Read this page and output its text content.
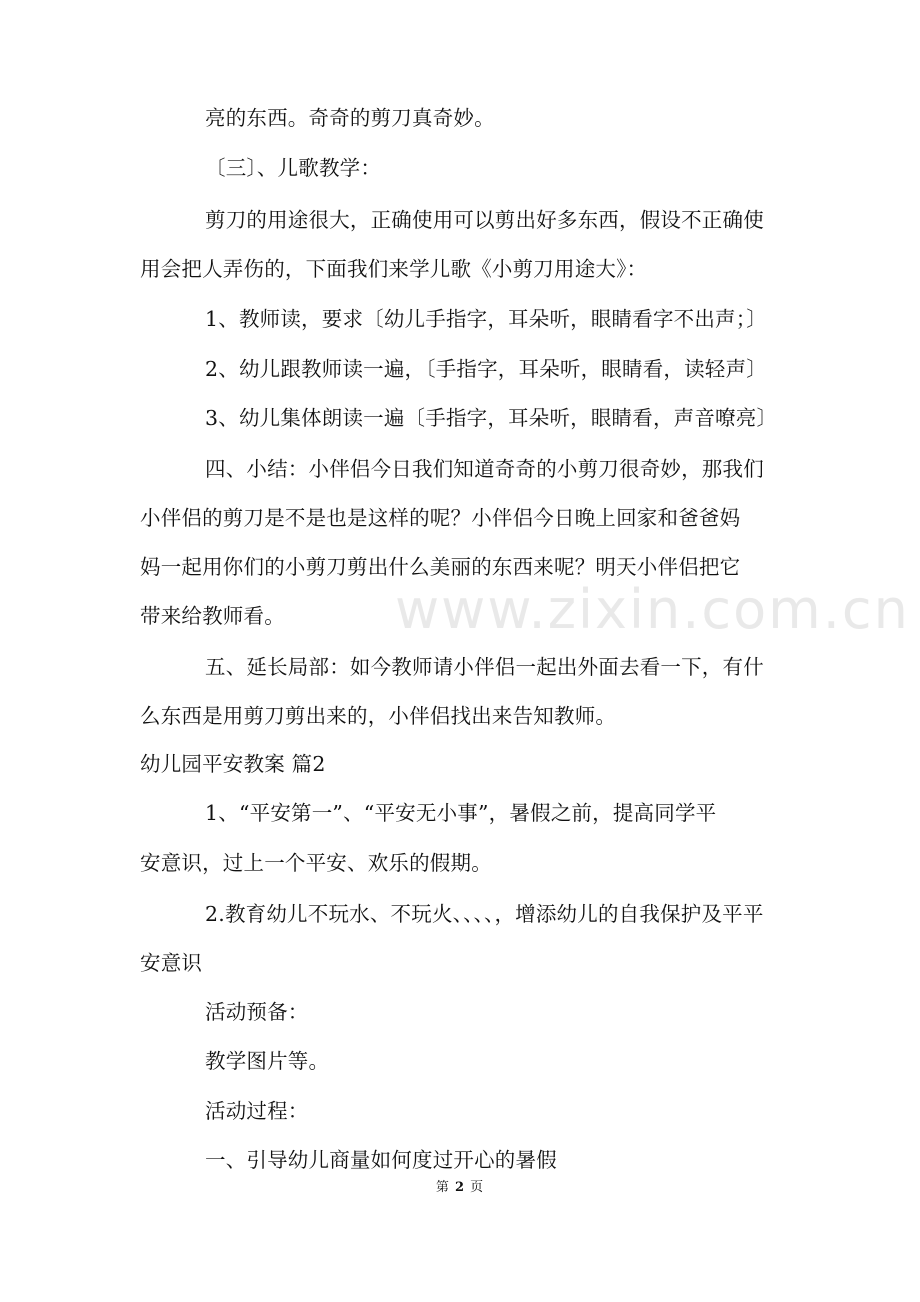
www.zixin.com.cn
亮的东西。奇奇的剪刀真奇妙。
〔三〕、儿歌教学：
剪刀的用途很大，正确使用可以剪出好多东西，假设不正确使
用会把人弄伤的，下面我们来学儿歌《小剪刀用途大》：
1、教师读，要求〔幼儿手指字，耳朵听，眼睛看字不出声；〕
2、幼儿跟教师读一遍，〔手指字，耳朵听，眼睛看，读轻声〕
3、幼儿集体朗读一遍〔手指字，耳朵听，眼睛看，声音嘹亮〕
四、小结：小伴侣今日我们知道奇奇的小剪刀很奇妙，那我们
小伴侣的剪刀是不是也是这样的呢？小伴侣今日晚上回家和爸爸妈
妈一起用你们的小剪刀剪出什么美丽的东西来呢？明天小伴侣把它
带来给教师看。
五、延长局部：如今教师请小伴侣一起出外面去看一下，有什
么东西是用剪刀剪出来的，小伴侣找出来告知教师。
幼儿园平安教案 篇2
1、“平安第一”、“平安无小事”，暑假之前，提高同学平
安意识，过上一个平安、欢乐的假期。
2.教育幼儿不玩水、不玩火、、、、，增添幼儿的自我保护及平平
安意识
活动预备：
教学图片等。
活动过程：
一、引导幼儿商量如何度过开心的暑假
第 2 页
